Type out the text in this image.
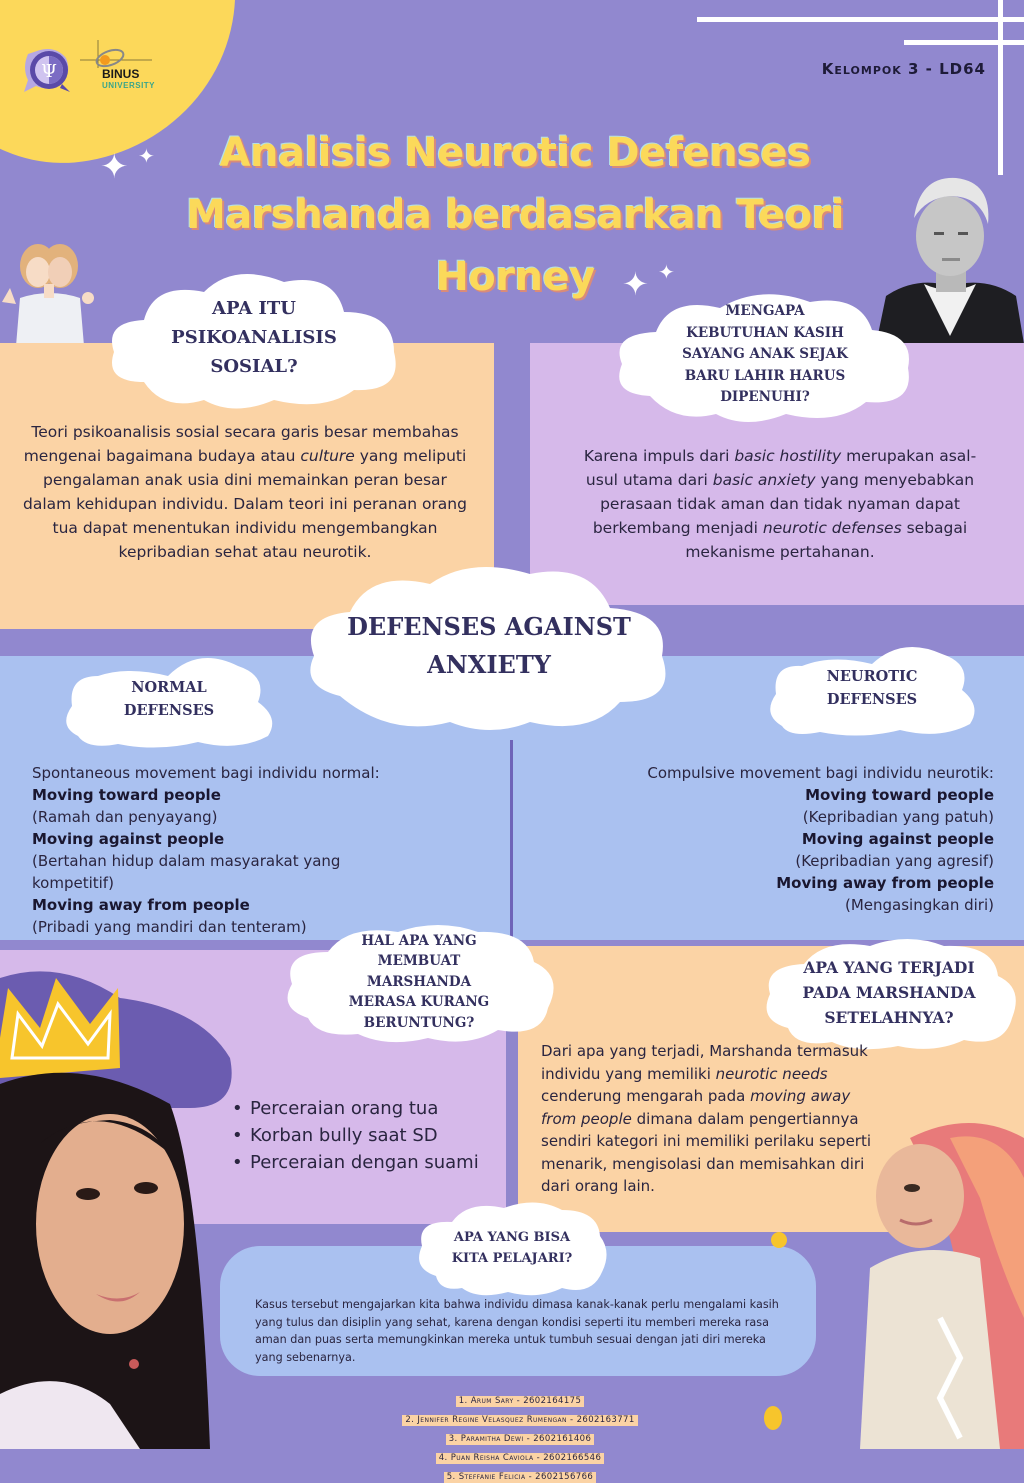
Ψ	BINUS
UNIVERSITY
Kelompok 3 - LD64
Analisis Neurotic Defenses
Marshanda berdasarkan Teori
Horney
✦ ✦
✦ ✦
APA ITU
PSIKOANALISIS
SOSIAL?
Teori psikoanalisis sosial secara garis besar membahas mengenai bagaimana budaya atau culture yang meliputi pengalaman anak usia dini memainkan peran besar dalam kehidupan individu. Dalam teori ini peranan orang tua dapat menentukan individu mengembangkan kepribadian sehat atau neurotik.
MENGAPA
KEBUTUHAN KASIH
SAYANG ANAK SEJAK
BARU LAHIR HARUS
DIPENUHI?
Karena impuls dari basic hostility merupakan asal-usul utama dari basic anxiety yang menyebabkan perasaan tidak aman dan tidak nyaman dapat berkembang menjadi neurotic defenses sebagai mekanisme pertahanan.
DEFENSES AGAINST
ANXIETY
NORMAL
DEFENSES
NEUROTIC
DEFENSES
Spontaneous movement bagi individu normal:
Moving toward people
(Ramah dan penyayang)
Moving against people
(Bertahan hidup dalam masyarakat yang kompetitif)
Moving away from people
(Pribadi yang mandiri dan tenteram)
Compulsive movement bagi individu neurotik:
Moving toward people
(Kepribadian yang patuh)
Moving against people
(Kepribadian yang agresif)
Moving away from people
(Mengasingkan diri)
HAL APA YANG
MEMBUAT
MARSHANDA
MERASA KURANG
BERUNTUNG?
• Perceraian orang tua
• Korban bully saat SD
• Perceraian dengan suami
APA YANG TERJADI
PADA MARSHANDA
SETELAHNYA?
Dari apa yang terjadi, Marshanda termasuk individu yang memiliki neurotic needs cenderung mengarah pada moving away from people dimana dalam pengertiannya sendiri kategori ini memiliki perilaku seperti menarik, mengisolasi dan memisahkan diri dari orang lain.
APA YANG BISA
KITA PELAJARI?
Kasus tersebut mengajarkan kita bahwa individu dimasa kanak-kanak perlu mengalami kasih yang tulus dan disiplin yang sehat, karena dengan kondisi seperti itu memberi mereka rasa aman dan puas serta memungkinkan mereka untuk tumbuh sesuai dengan jati diri mereka yang sebenarnya.
1. Arum Sary - 2602164175
2. Jennifer Regine Velasquez Rumengan - 2602163771
3. Paramitha Dewi - 2602161406
4. Puan Reisha Caviola - 2602166546
5. Steffanie Felicia - 2602156766
